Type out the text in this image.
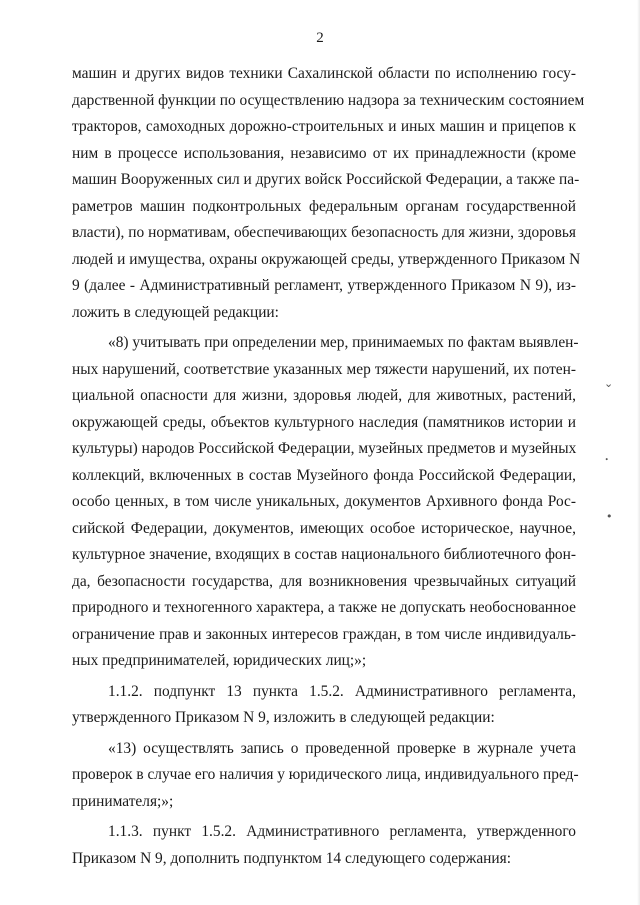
2
машин и других видов техники Сахалинской области по исполнению госу-
дарственной функции по осуществлению надзора за техническим состоянием
тракторов, самоходных дорожно-строительных и иных машин и прицепов к
ним в процессе использования, независимо от их принадлежности (кроме
машин Вооруженных сил и других войск Российской Федерации, а также па-
раметров машин подконтрольных федеральным органам государственной
власти), по нормативам, обеспечивающих безопасность для жизни, здоровья
людей и имущества, охраны окружающей среды, утвержденного Приказом N
9 (далее - Административный регламент, утвержденного Приказом N 9), из-
ложить в следующей редакции:
«8) учитывать при определении мер, принимаемых по фактам выявлен-
ных нарушений, соответствие указанных мер тяжести нарушений, их потен-
циальной опасности для жизни, здоровья людей, для животных, растений,
окружающей среды, объектов культурного наследия (памятников истории и
культуры) народов Российской Федерации, музейных предметов и музейных
коллекций, включенных в состав Музейного фонда Российской Федерации,
особо ценных, в том числе уникальных, документов Архивного фонда Рос-
сийской Федерации, документов, имеющих особое историческое, научное,
культурное значение, входящих в состав национального библиотечного фон-
да, безопасности государства, для возникновения чрезвычайных ситуаций
природного и техногенного характера, а также не допускать необоснованное
ограничение прав и законных интересов граждан, в том числе индивидуаль-
ных предпринимателей, юридических лиц;»;
1.1.2. подпункт 13 пункта 1.5.2. Административного регламента,
утвержденного Приказом N 9, изложить в следующей редакции:
«13) осуществлять запись о проведенной проверке в журнале учета
проверок в случае его наличия у юридического лица, индивидуального пред-
принимателя;»;
1.1.3. пункт 1.5.2. Административного регламента, утвержденного
Приказом N 9, дополнить подпунктом 14 следующего содержания:
⌄
ꞏ
•
